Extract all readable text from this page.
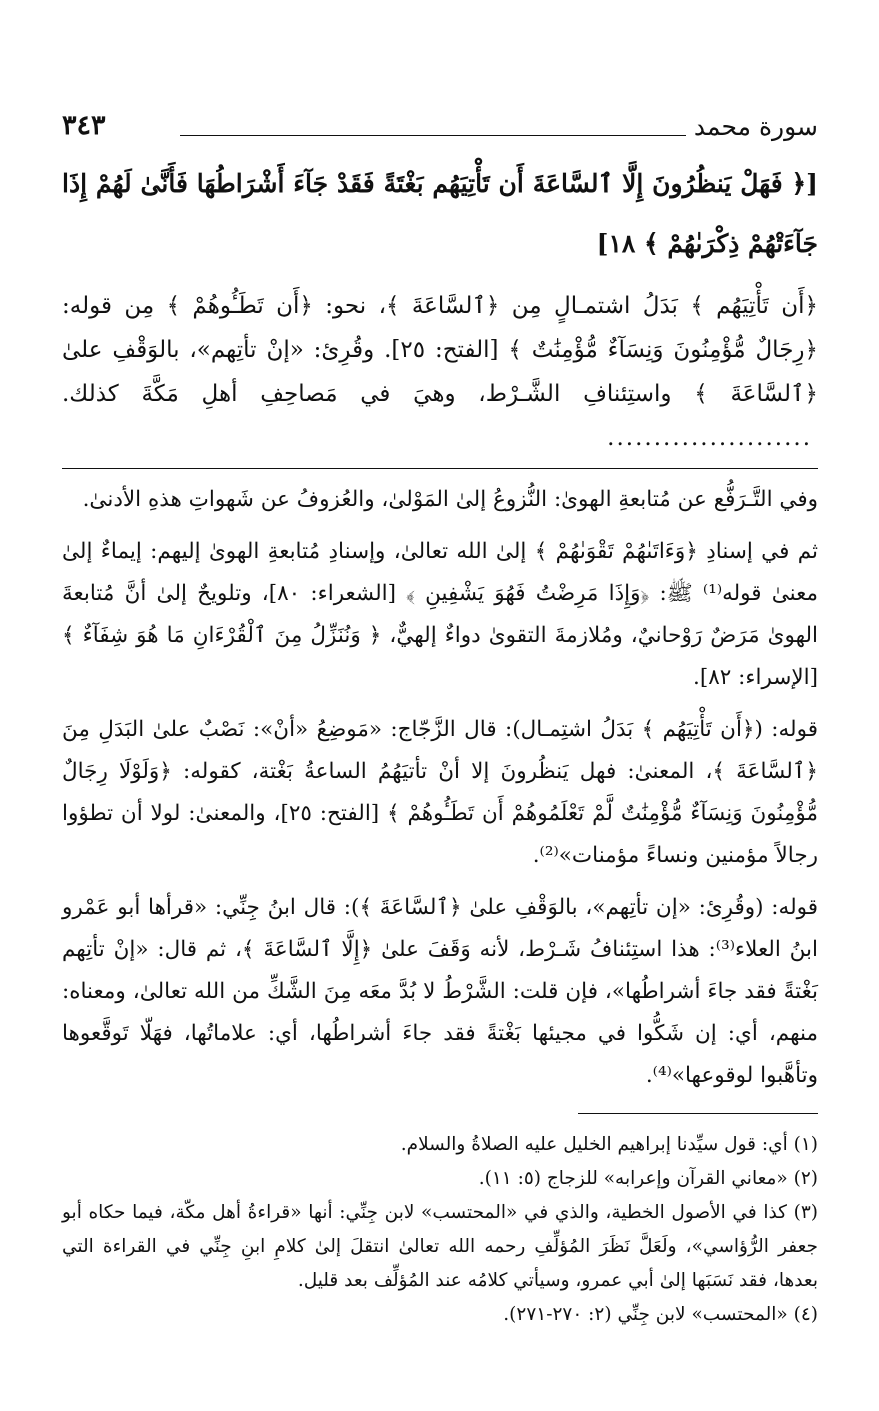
سورة محمد
٣٤٣

[﴿ فَهَلْ يَنظُرُونَ إِلَّا ٱلسَّاعَةَ أَن تَأْتِيَهُم بَغْتَةً فَقَدْ جَآءَ أَشْرَاطُهَا فَأَنَّىٰ لَهُمْ إِذَا جَآءَتْهُمْ ذِكْرَىٰهُمْ ﴾ ١٨]

﴿أَن تَأْتِيَهُم ﴾ بَدَلُ اشتمـالٍ مِن ﴿ٱلسَّاعَةَ ﴾، نحو: ﴿أَن تَطَـُٔوهُمْ ﴾ مِن قوله: ﴿رِجَالٌ مُّؤْمِنُونَ وَنِسَآءٌ مُّؤْمِنَٰتٌ ﴾ [الفتح: ٢٥]. وقُرِئ: «إنْ تأتِهم»، بالوَقْفِ علىٰ ﴿ٱلسَّاعَةَ ﴾ واستِئنافِ الشَّـرْط، وهيَ في مَصاحِفِ أهلِ مَكَّةَ كذلك.......................

وفي التَّـرَفُّع عن مُتابعةِ الهوىٰ: النُّزوعُ إلىٰ المَوْلىٰ، والعُزوفُ عن شَهواتِ هذهِ الأدنىٰ.

ثم في إسنادِ ﴿وَءَاتَىٰهُمْ تَقْوَىٰهُمْ ﴾ إلىٰ الله تعالىٰ، وإسنادِ مُتابعةِ الهوىٰ إليهم: إيماءٌ إلىٰ معنىٰ قوله⁽¹⁾ ﷺ: ﴿وَإِذَا مَرِضْتُ فَهُوَ يَشْفِينِ ﴾ [الشعراء: ٨٠]، وتلويحٌ إلىٰ أنَّ مُتابعةَ الهوىٰ مَرَضٌ رَوْحانيٌ، ومُلازمةَ التقوىٰ دواءٌ إلهيٌّ، ﴿ وَنُنَزِّلُ مِنَ ٱلْقُرْءَانِ مَا هُوَ شِفَآءٌ ﴾ [الإسراء: ٨٢].

قوله: (﴿أَن تَأْتِيَهُم ﴾ بَدَلُ اشتِمـال): قال الزَّجّاج: «مَوضِعُ «أنْ»: نَصْبٌ علىٰ البَدَلِ مِنَ ﴿ٱلسَّاعَةَ ﴾، المعنىٰ: فهل يَنظُرونَ إلا أنْ تأتيَهُمُ الساعةُ بَغْتة، كقوله: ﴿وَلَوْلَا رِجَالٌ مُّؤْمِنُونَ وَنِسَآءٌ مُّؤْمِنَٰتٌ لَّمْ تَعْلَمُوهُمْ أَن تَطَـُٔوهُمْ ﴾ [الفتح: ٢٥]، والمعنىٰ: لولا أن تطؤوا رجالاً مؤمنين ونساءً مؤمنات»⁽²⁾.

قوله: (وقُرِئ: «إن تأتِهم»، بالوَقْفِ علىٰ ﴿ٱلسَّاعَةَ ﴾): قال ابنُ جِنِّي: «قرأها أبو عَمْرو ابنُ العلاء⁽³⁾: هذا استِئنافُ شَـرْط، لأنه وَقَفَ علىٰ ﴿إِلَّا ٱلسَّاعَةَ ﴾، ثم قال: «إنْ تأتِهم بَغْتةً فقد جاءَ أشراطُها»، فإن قلت: الشَّرْطُ لا بُدَّ معَه مِنَ الشَّكِّ من الله تعالىٰ، ومعناه: منهم، أي: إن شَكُّوا في مجيئها بَغْتةً فقد جاءَ أشراطُها، أي: علاماتُها، فهَلّا تَوقَّعوها وتأهَّبوا لوقوعها»⁽⁴⁾.

(١) أي: قول سيِّدنا إبراهيم الخليل عليه الصلاةُ والسلام.

(٢) «معاني القرآن وإعرابه» للزجاج (٥: ١١).

(٣) كذا في الأصول الخطية، والذي في «المحتسب» لابن جِنِّي: أنها «قراءةُ أهل مكّة، فيما حكاه أبو جعفر الرُّؤاسي»، ولَعَلَّ نَظَرَ المُؤلِّفِ رحمه الله تعالىٰ انتقلَ إلىٰ كلامِ ابنِ جِنِّي في القراءة التي بعدها، فقد نَسَبَها إلىٰ أبي عمرو، وسيأتي كلامُه عند المُؤلِّف بعد قليل.

(٤) «المحتسب» لابن جِنِّي (٢: ٢٧٠-٢٧١).
